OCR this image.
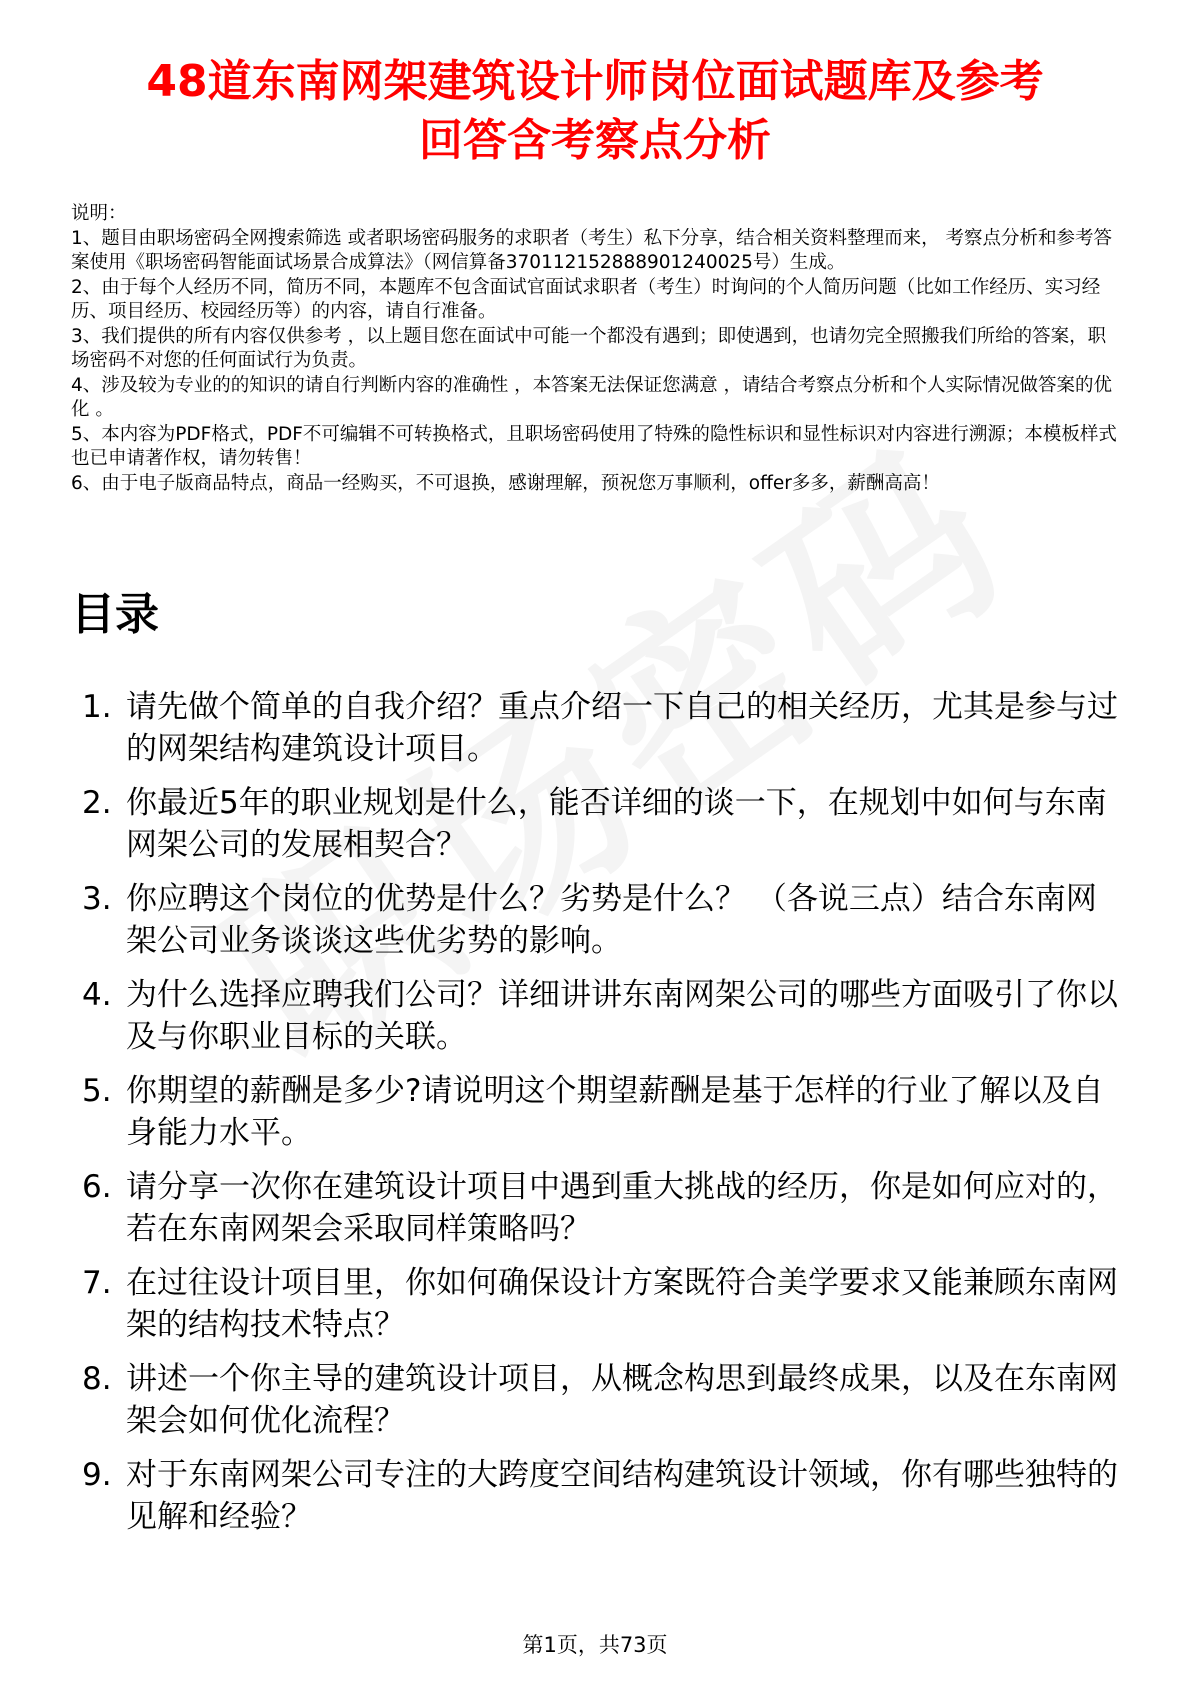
48道东南网架建筑设计师岗位面试题库及参考
回答含考察点分析

说明：

1、题目由职场密码全网搜索筛选 或者职场密码服务的求职者（考生）私下分享，结合相关资料整理而来， 考察点分析和参考答案使用《职场密码智能面试场景合成算法》（网信算备370112152888901240025号）生成。

2、由于每个人经历不同，简历不同，本题库不包含面试官面试求职者（考生）时询问的个人简历问题（比如工作经历、实习经历、项目经历、校园经历等）的内容，请自行准备。

3、我们提供的所有内容仅供参考 ，以上题目您在面试中可能一个都没有遇到；即使遇到，也请勿完全照搬我们所给的答案，职场密码不对您的任何面试行为负责。

4、涉及较为专业的的知识的请自行判断内容的准确性 ，本答案无法保证您满意 ，请结合考察点分析和个人实际情况做答案的优化 。

5、本内容为PDF格式，PDF不可编辑不可转换格式，且职场密码使用了特殊的隐性标识和显性标识对内容进行溯源；本模板样式也已申请著作权，请勿转售！

6、由于电子版商品特点，商品一经购买，不可退换，感谢理解，预祝您万事顺利，offer多多，薪酬高高！

目录
1. 请先做个简单的自我介绍？重点介绍一下自己的相关经历，尤其是参与过的网架结构建筑设计项目。
2. 你最近5年的职业规划是什么，能否详细的谈一下，在规划中如何与东南网架公司的发展相契合？
3. 你应聘这个岗位的优势是什么？劣势是什么？ （各说三点）结合东南网架公司业务谈谈这些优劣势的影响。
4. 为什么选择应聘我们公司？详细讲讲东南网架公司的哪些方面吸引了你以及与你职业目标的关联。
5. 你期望的薪酬是多少?请说明这个期望薪酬是基于怎样的行业了解以及自身能力水平。
6. 请分享一次你在建筑设计项目中遇到重大挑战的经历，你是如何应对的，若在东南网架会采取同样策略吗？
7. 在过往设计项目里，你如何确保设计方案既符合美学要求又能兼顾东南网架的结构技术特点？
8. 讲述一个你主导的建筑设计项目，从概念构思到最终成果，以及在东南网架会如何优化流程？
9. 对于东南网架公司专注的大跨度空间结构建筑设计领域，你有哪些独特的见解和经验？
第1页，共73页
